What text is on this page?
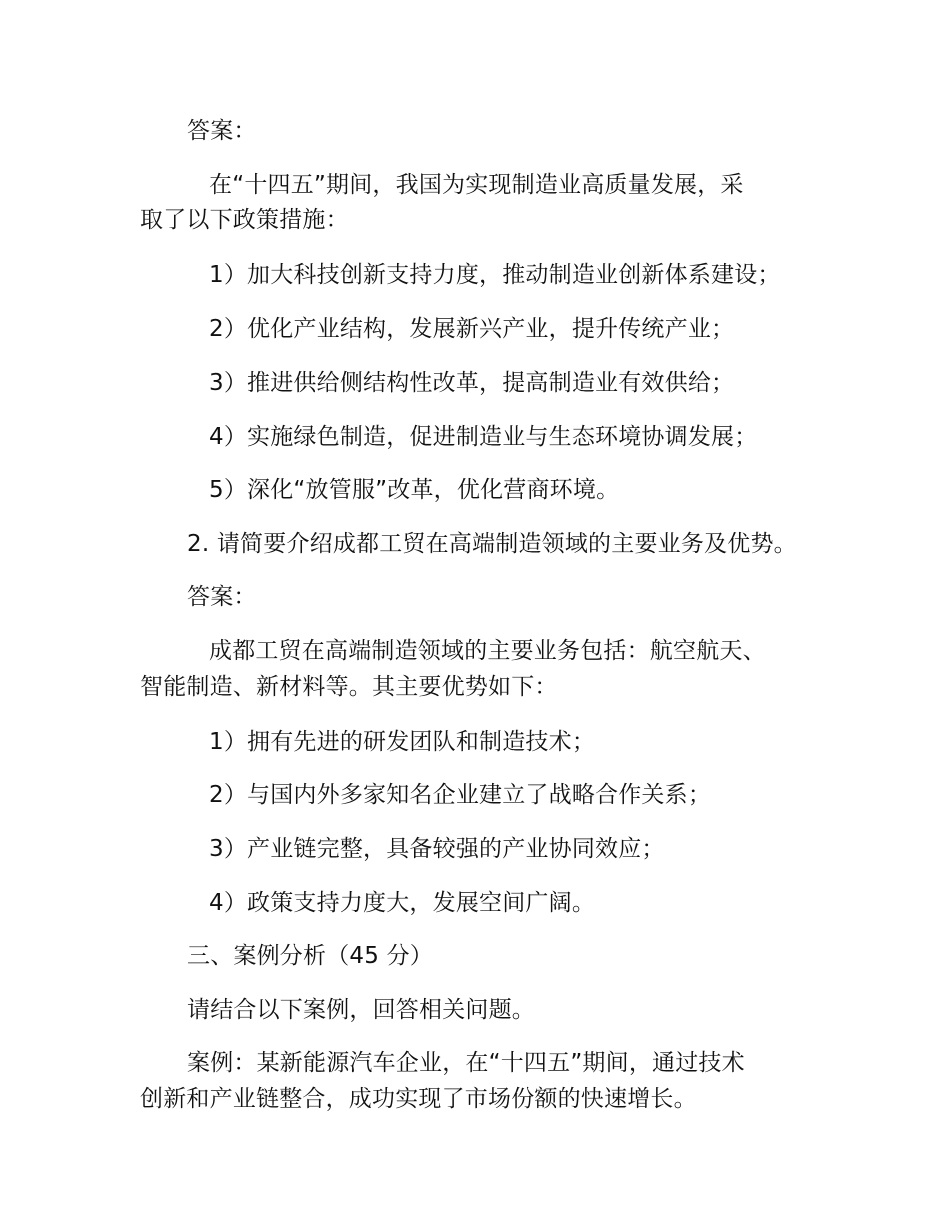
答案：
在“十四五”期间，我国为实现制造业高质量发展，采
取了以下政策措施：
1）加大科技创新支持力度，推动制造业创新体系建设；
2）优化产业结构，发展新兴产业，提升传统产业；
3）推进供给侧结构性改革，提高制造业有效供给；
4）实施绿色制造，促进制造业与生态环境协调发展；
5）深化“放管服”改革，优化营商环境。
2. 请简要介绍成都工贸在高端制造领域的主要业务及优势。
答案：
成都工贸在高端制造领域的主要业务包括：航空航天、
智能制造、新材料等。其主要优势如下：
1）拥有先进的研发团队和制造技术；
2）与国内外多家知名企业建立了战略合作关系；
3）产业链完整，具备较强的产业协同效应；
4）政策支持力度大，发展空间广阔。
三、案例分析（45 分）
请结合以下案例，回答相关问题。
案例：某新能源汽车企业，在“十四五”期间，通过技术
创新和产业链整合，成功实现了市场份额的快速增长。
